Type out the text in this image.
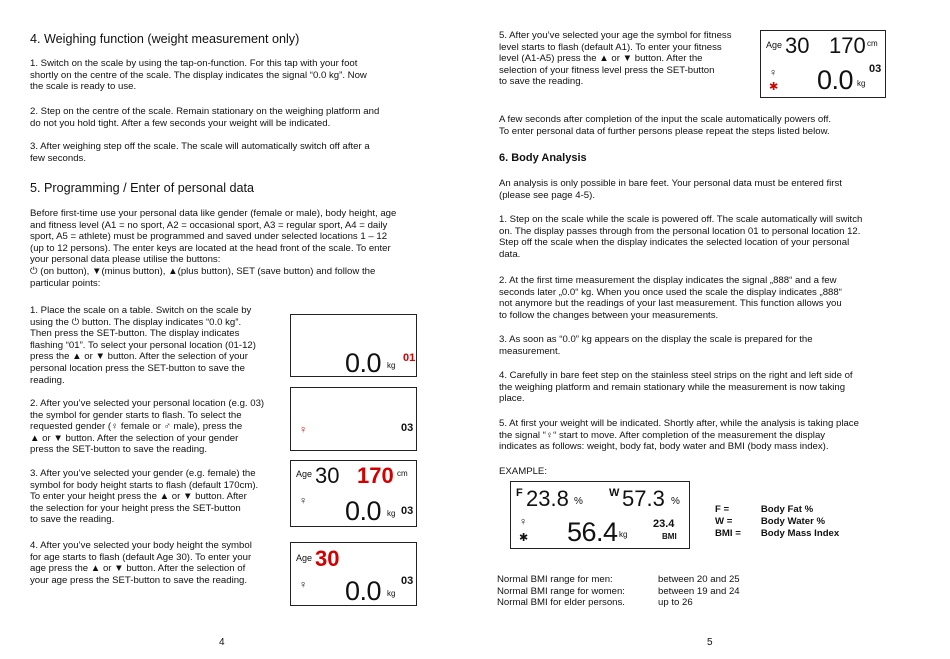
4. Weighing function (weight measurement only)
1. Switch on the scale by using the tap-on-function. For this tap with your foot
shortly on the centre of the scale. The display indicates the signal “0.0 kg”. Now
the scale is ready to use.
2. Step on the centre of the scale. Remain stationary on the weighing platform and
do not you hold tight. After a few seconds your weight will be indicated.
3. After weighing step off the scale. The scale will automatically switch off after a
few seconds.
5. Programming / Enter of personal data
Before first-time use your personal data like gender (female or male), body height, age
and fitness level (A1 = no sport, A2 = occasional sport, A3 = regular sport, A4 = daily
sport, A5 = athlete) must be programmed and saved under selected locations 1 – 12
(up to 12 persons). The enter keys are located at the head front of the scale. To enter
your personal data please utilise the buttons:
⏻ (on button), ▼(minus button), ▲(plus button), SET (save button) and follow the
particular points:
1. Place the scale on a table. Switch on the scale by
using the ⏻ button. The display indicates “0.0 kg”.
Then press the SET-button. The display indicates
flashing “01”. To select your personal location (01-12)
press the ▲ or ▼ button. After the selection of your
personal location press the SET-button to save the
reading.
2. After you’ve selected your personal location (e.g. 03)
the symbol for gender starts to flash. To select the
requested gender (♀ female or ♂ male), press the
▲ or ▼ button. After the selection of your gender
press the SET-button to save the reading.
3. After you’ve selected your gender (e.g. female) the
symbol for body height starts to flash (default 170cm).
To enter your height press the ▲ or ▼ button. After
the selection for your height press the SET-button
to save the reading.
4. After you’ve selected your body height the symbol
for age starts to flash (default Age 30). To enter your
age press the ▲ or ▼ button. After the selection of
your age press the SET-button to save the reading.
0.0 kg
01
♀	03
Age 30 170 cm
♀ 0.0 kg 03
Age 30
♀ 0.0 kg
03
4
5. After you’ve selected your age the symbol for fitness
level starts to flash (default A1). To enter your fitness
level (A1-A5) press the ▲ or ▼ button. After the
selection of your fitness level press the SET-button
to save the reading.
Age 30 170 cm
♀
✱ 0.0 kg
03
A few seconds after completion of the input the scale automatically powers off.
To enter personal data of further persons please repeat the steps listed below.
6. Body Analysis
An analysis is only possible in bare feet. Your personal data must be entered first
(please see page 4-5).
1. Step on the scale while the scale is powered off. The scale automatically will switch
on. The display passes through from the personal location 01 to personal location 12.
Step off the scale when the display indicates the selected location of your personal
data.
2. At the first time measurement the display indicates the signal „888“ and a few
seconds later „0.0“ kg. When you once used the scale the display indicates „888“
not anymore but the readings of your last measurement. This function allows you
to follow the changes between your measurements.
3. As soon as “0.0” kg appears on the display the scale is prepared for the
measurement.
4. Carefully in bare feet step on the stainless steel strips on the right and left side of
the weighing platform and remain stationary while the measurement is now taking
place.
5. At first your weight will be indicated. Shortly after, while the analysis is taking place
the signal “♀“ start to move. After completion of the measurement the display
indicates as follows: weight, body fat, body water and BMI (body mass index).
EXAMPLE:
F 23.8 %
W 57.3 %
♀
✱ 56.4 kg
23.4
BMI
F =	Body Fat %
W =	Body Water %
BMI =	Body Mass Index
Normal BMI range for men:	between 20 and 25
Normal BMI range for women:	between 19 and 24
Normal BMI for elder persons.	up to 26
5
